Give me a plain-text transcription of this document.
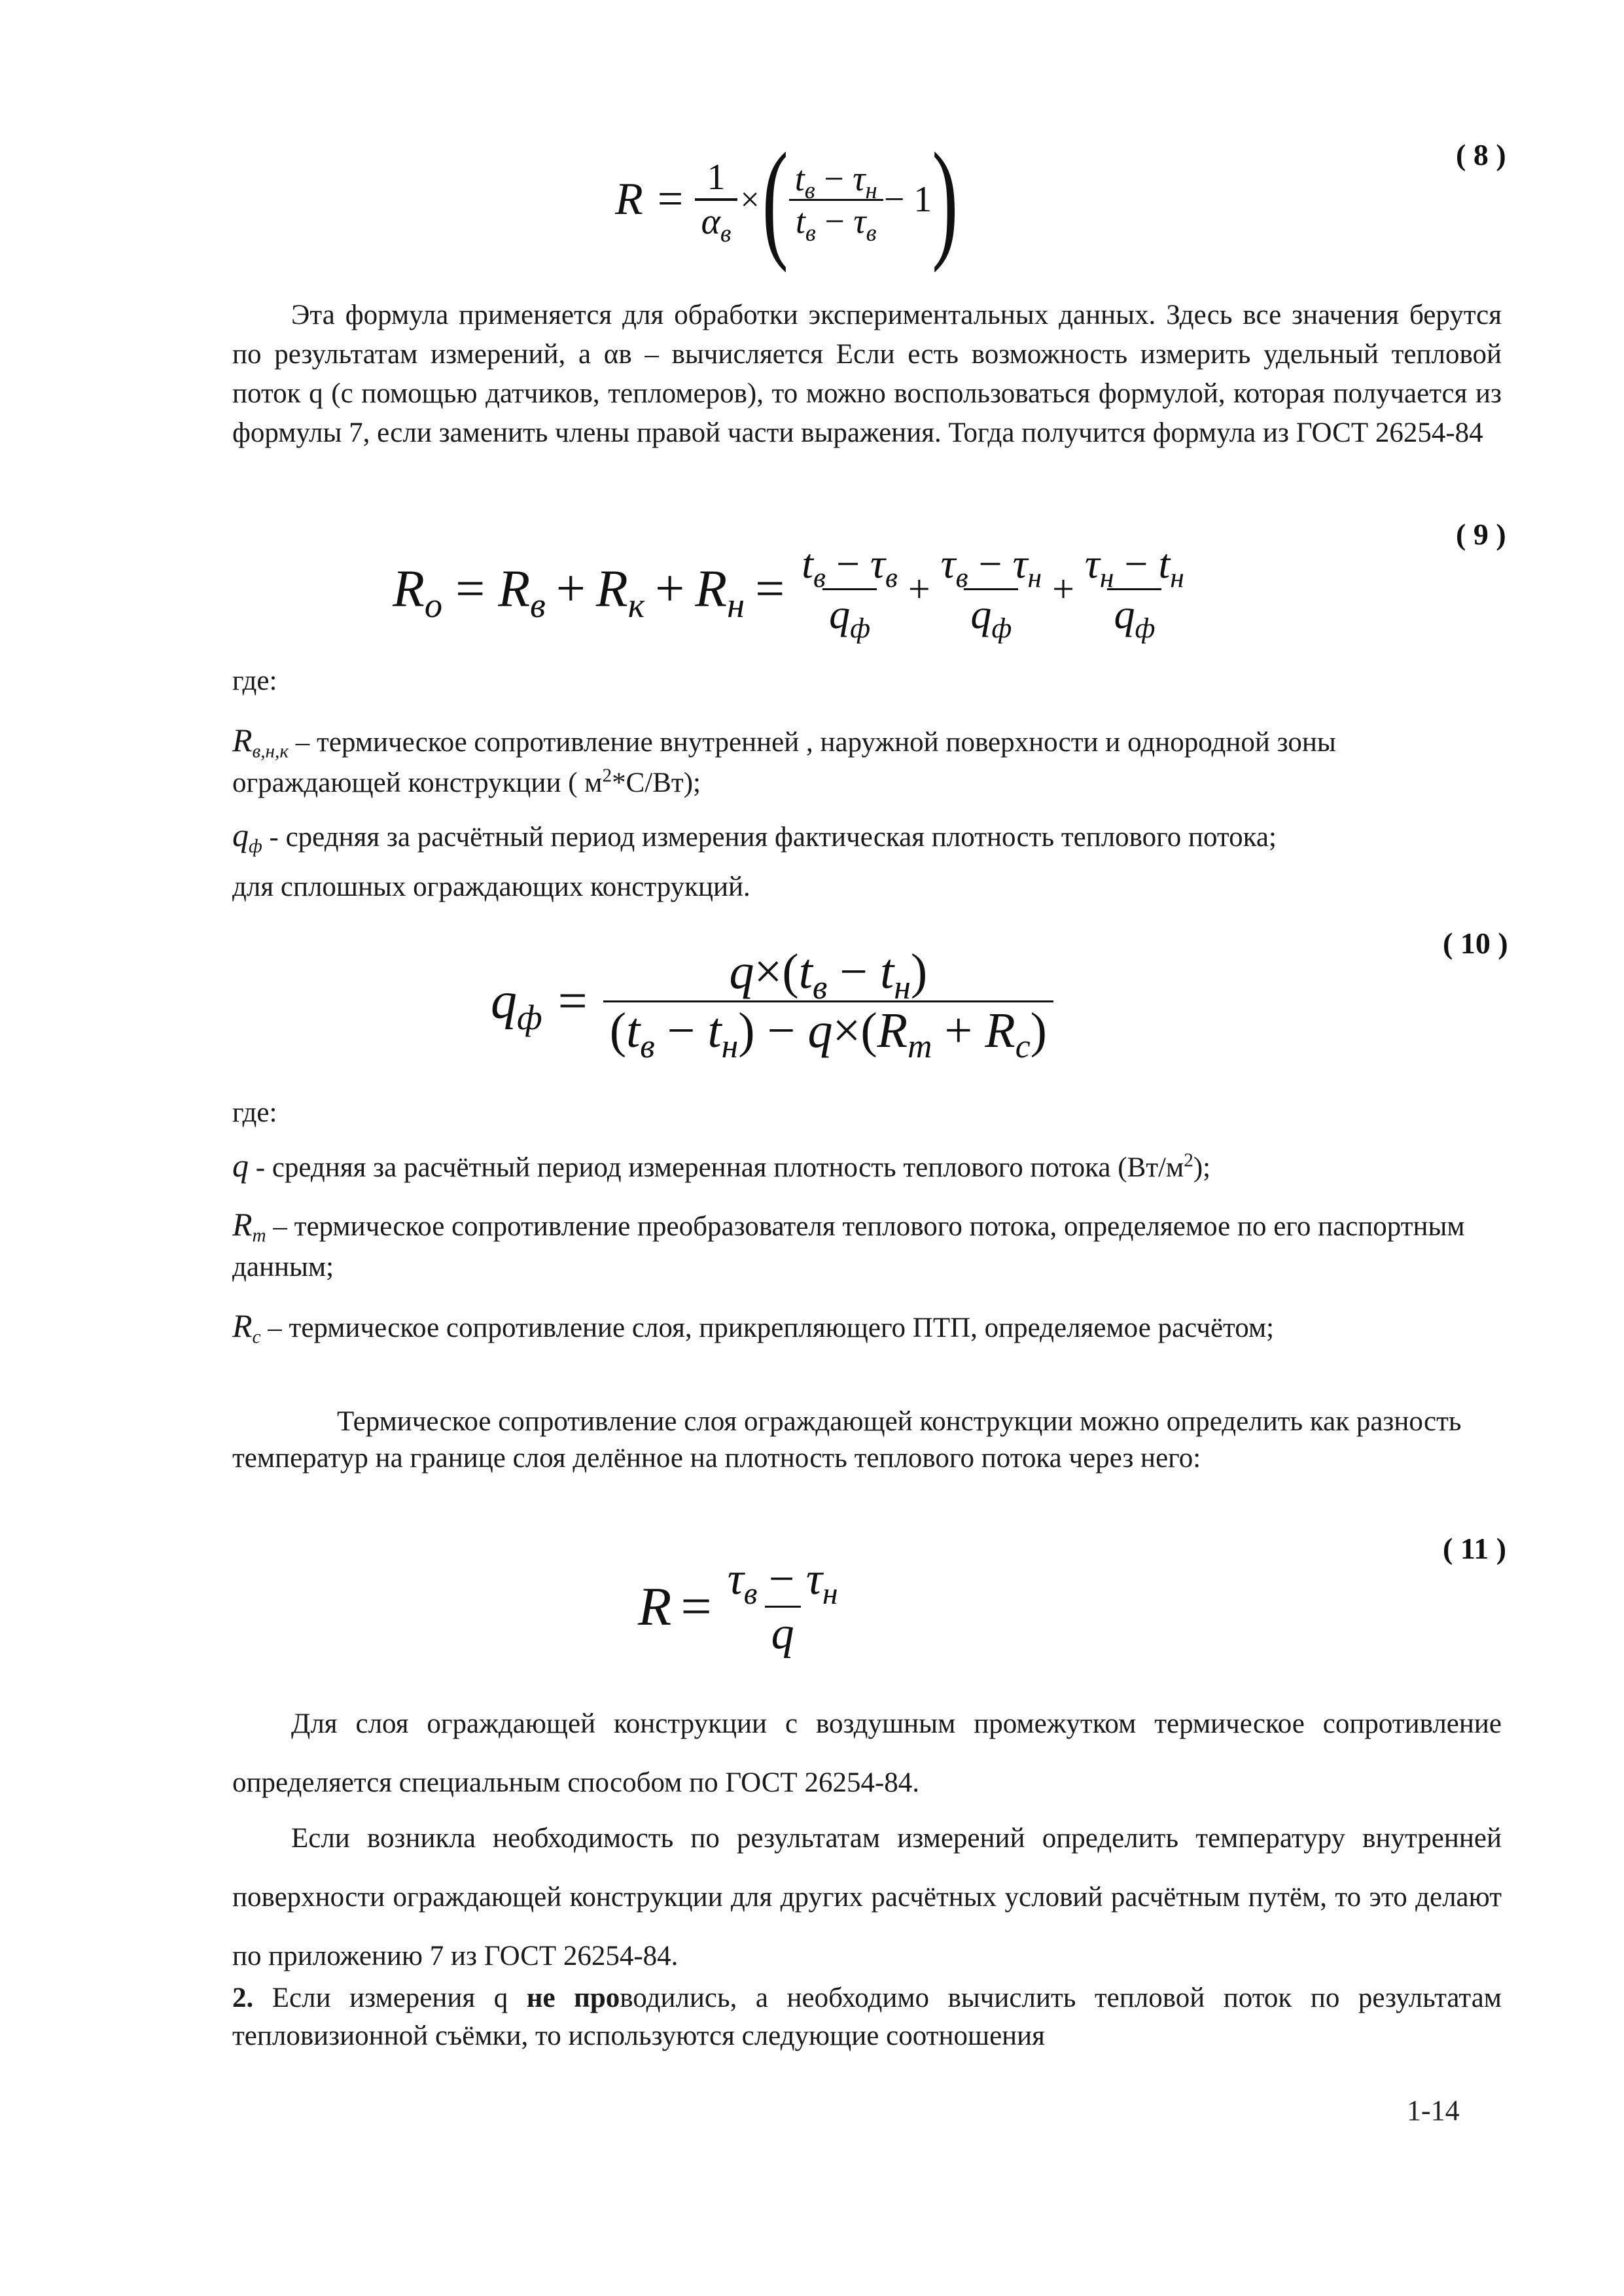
$R = \frac{1}{\alpha_в}$ × ( $\frac{t_в - \tau_н}{t_в - \tau_в} - 1$ )	( 8 )
Эта формула применяется для обработки экспериментальных данных. Здесь все значения берутся по результатам измерений, а αв – вычисляется Если есть возможность измерить удельный тепловой поток q (с помощью датчиков, тепломеров), то можно воспользоваться формулой, которая получается из формулы 7, если заменить члены правой части выражения. Тогда получится формула из ГОСТ 26254-84
$R_о = R_в + R_к + R_н = \frac{t_в - \tau_в}{q_ф} + \frac{\tau_в - \tau_н}{q_ф} + \frac{\tau_н - t_н}{q_ф}$
( 9 )
где:
$R_{в,н,к}$ – термическое сопротивление внутренней , наружной поверхности и однородной зоны ограждающей конструкции ( $м^2*С/Вт$);
$q_ф$ - средняя за расчётный период измерения фактическая плотность теплового потока;
для сплошных ограждающих конструкций.
$q_ф = \frac{q\times(t_в - t_н)}{(t_в - t_н) - q\times(R_m + R_с)}$	( 10 )
где:
q - средняя за расчётный период измеренная плотность теплового потока $(Вт/м^2)$;
$R_m$ – термическое сопротивление преобразователя теплового потока, определяемое по его паспортным данным;
$R_c$ – термическое сопротивление слоя, прикрепляющего ПТП, определяемое расчётом;
Термическое сопротивление слоя ограждающей конструкции можно определить как разность температур на границе слоя делённое на плотность теплового потока через него:
$R = \frac{\tau_в - \tau_н}{q}$
( 11 )
Для слоя ограждающей конструкции с воздушным промежутком термическое сопротивление определяется специальным способом по ГОСТ 26254-84.
Если возникла необходимость по результатам измерений определить температуру внутренней поверхности ограждающей конструкции для других расчётных условий расчётным путём, то это делают по приложению 7 из ГОСТ 26254-84.
2. Если измерения q не проводились, а необходимо вычислить тепловой поток по результатам тепловизионной съёмки, то используются следующие соотношения
1-14
